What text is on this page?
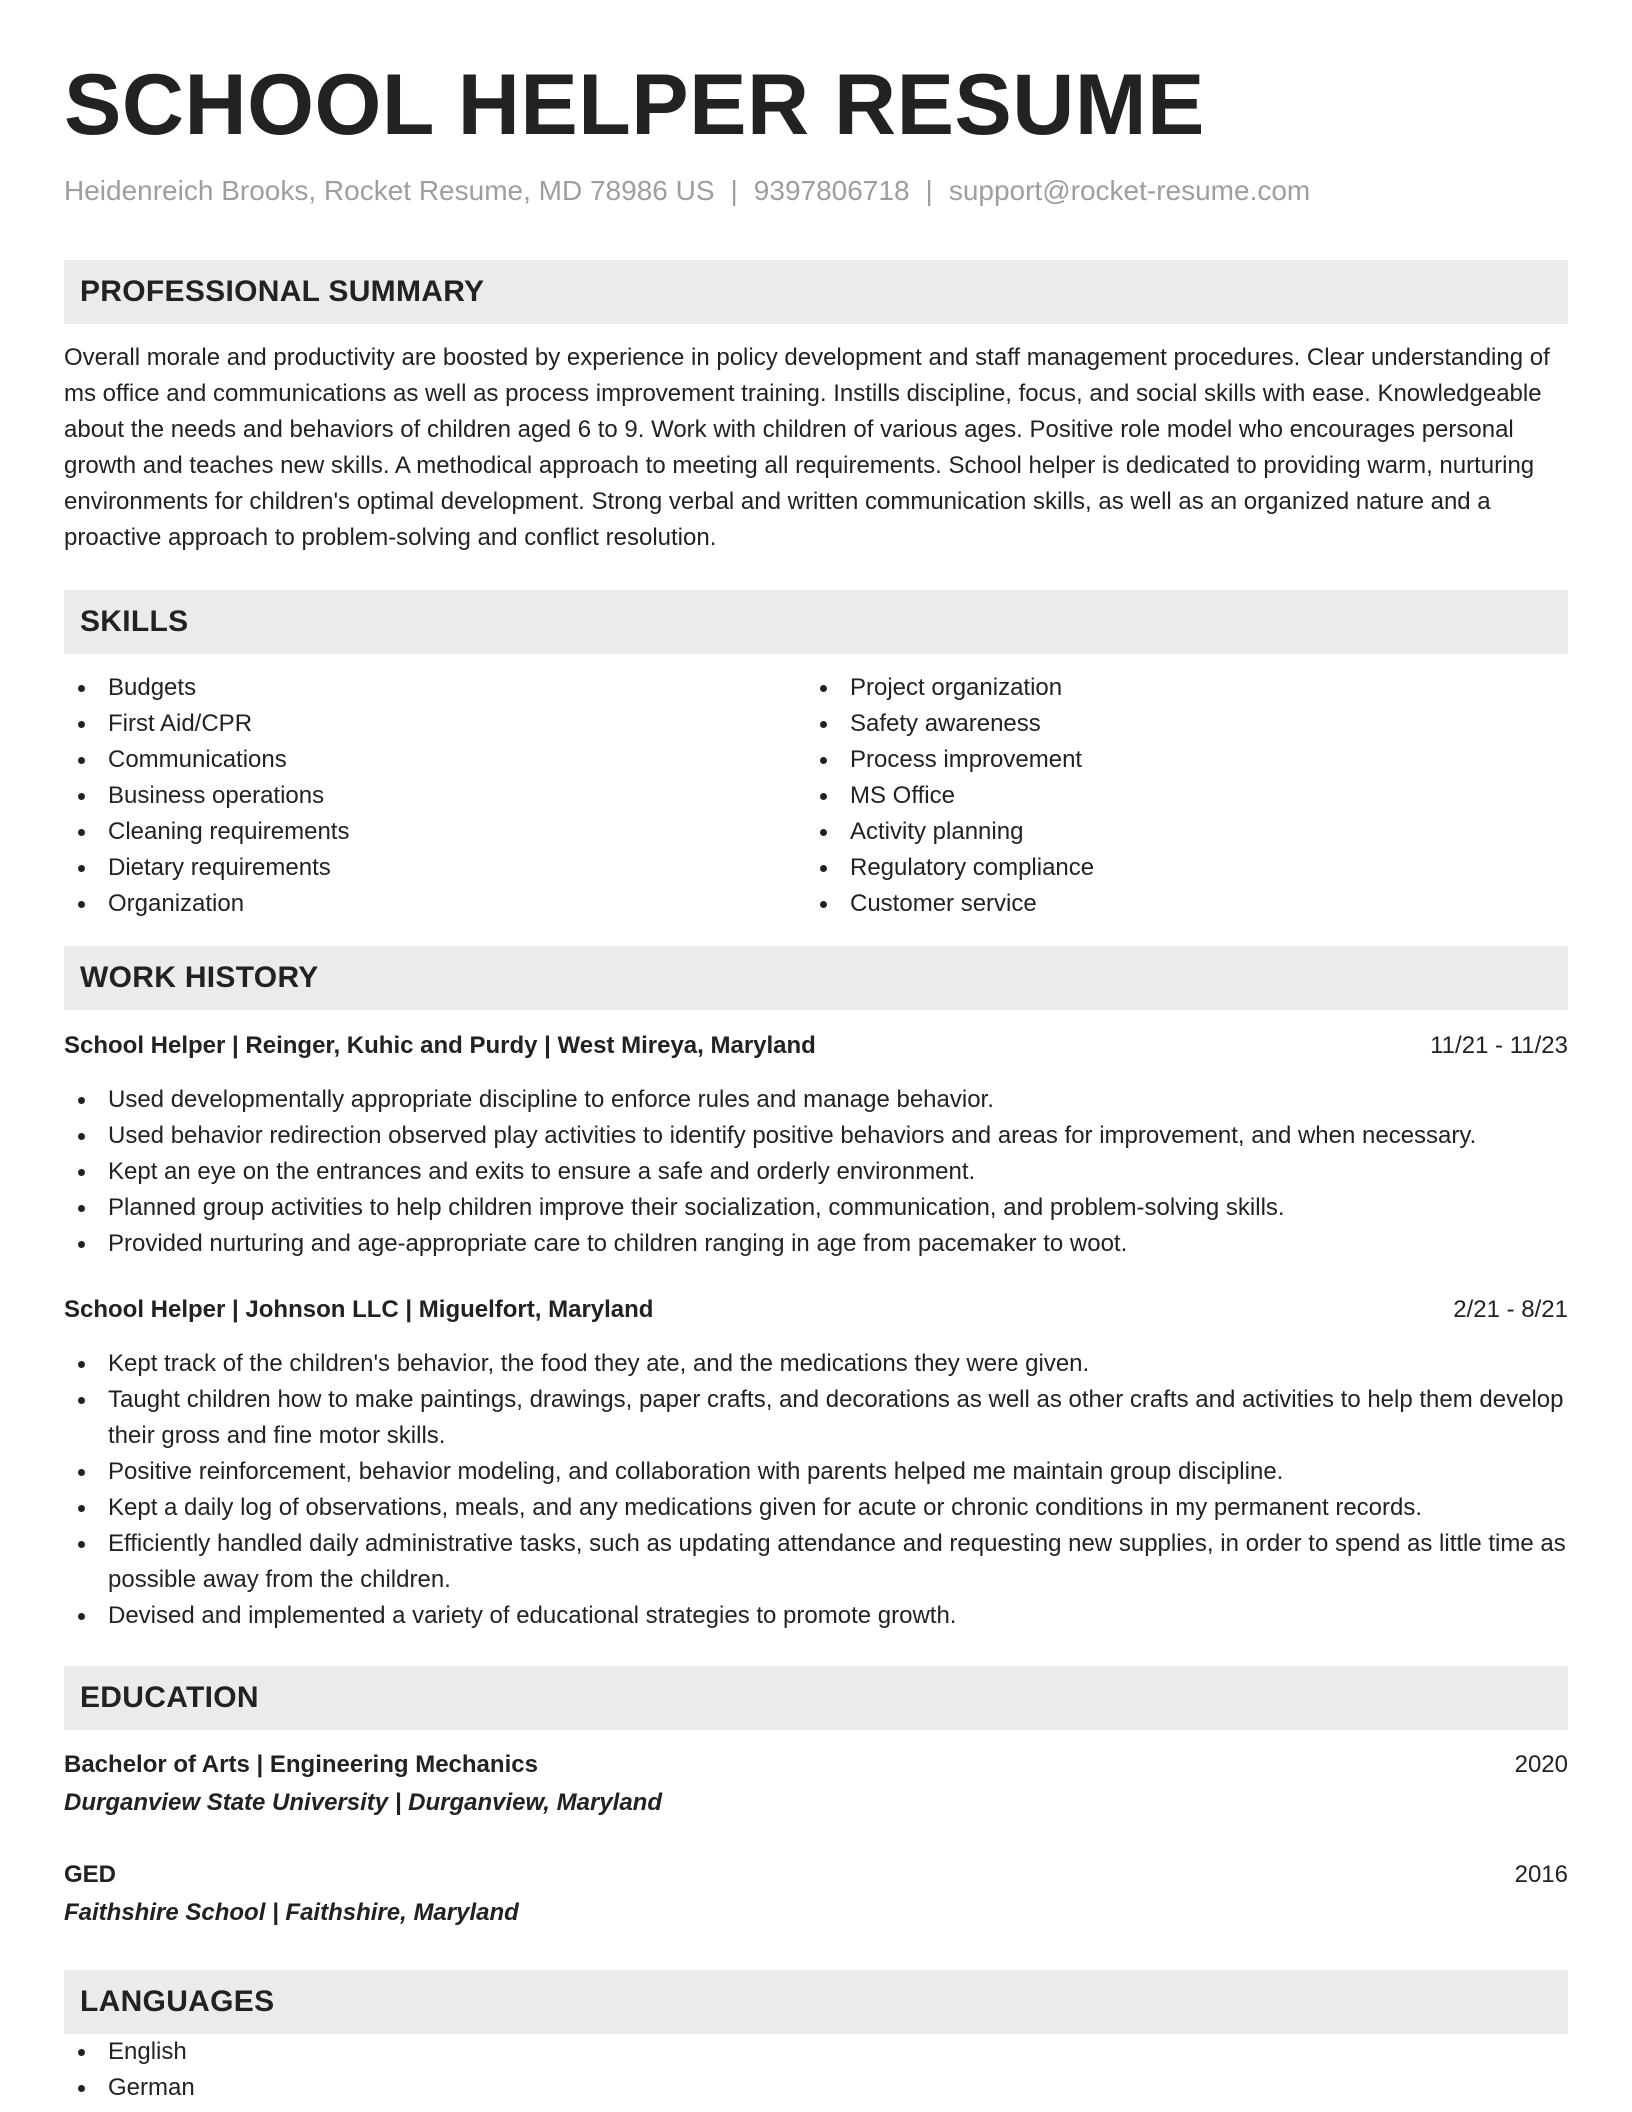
SCHOOL HELPER RESUME
Heidenreich Brooks, Rocket Resume, MD 78986 US | 9397806718 | support@rocket-resume.com
PROFESSIONAL SUMMARY

Overall morale and productivity are boosted by experience in policy development and staff management procedures. Clear understanding of ms office and communications as well as process improvement training. Instills discipline, focus, and social skills with ease. Knowledgeable about the needs and behaviors of children aged 6 to 9. Work with children of various ages. Positive role model who encourages personal growth and teaches new skills. A methodical approach to meeting all requirements. School helper is dedicated to providing warm, nurturing environments for children's optimal development. Strong verbal and written communication skills, as well as an organized nature and a proactive approach to problem-solving and conflict resolution.

SKILLS
Budgets
First Aid/CPR
Communications
Business operations
Cleaning requirements
Dietary requirements
Organization
Project organization
Safety awareness
Process improvement
MS Office
Activity planning
Regulatory compliance
Customer service
WORK HISTORY
School Helper | Reinger, Kuhic and Purdy | West Mireya, Maryland	11/21 - 11/23
Used developmentally appropriate discipline to enforce rules and manage behavior.
Used behavior redirection observed play activities to identify positive behaviors and areas for improvement, and when necessary.
Kept an eye on the entrances and exits to ensure a safe and orderly environment.
Planned group activities to help children improve their socialization, communication, and problem-solving skills.
Provided nurturing and age-appropriate care to children ranging in age from pacemaker to woot.
School Helper | Johnson LLC | Miguelfort, Maryland	2/21 - 8/21
Kept track of the children's behavior, the food they ate, and the medications they were given.
Taught children how to make paintings, drawings, paper crafts, and decorations as well as other crafts and activities to help them develop their gross and fine motor skills.
Positive reinforcement, behavior modeling, and collaboration with parents helped me maintain group discipline.
Kept a daily log of observations, meals, and any medications given for acute or chronic conditions in my permanent records.
Efficiently handled daily administrative tasks, such as updating attendance and requesting new supplies, in order to spend as little time as possible away from the children.
Devised and implemented a variety of educational strategies to promote growth.
EDUCATION
Bachelor of Arts | Engineering Mechanics	2020
Durganview State University | Durganview, Maryland
GED	2016
Faithshire School | Faithshire, Maryland
LANGUAGES
English
German
